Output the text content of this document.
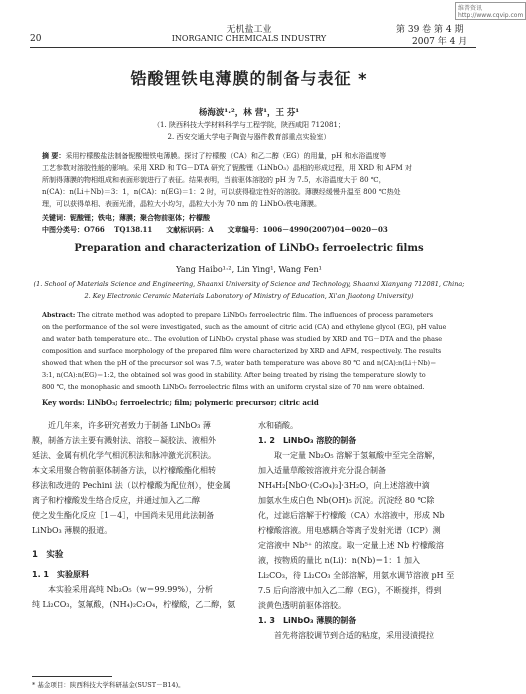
维普资讯 http://www.cqvip.com
20
无机盐工业
INORGANIC CHEMICALS INDUSTRY
第 39 卷 第 4 期
2007 年 4 月
锆酸锂铁电薄膜的制备与表征 *
杨海波¹·²，林 营¹，王 芬¹
（1. 陕西科技大学材料科学与工程学院，陕西咸阳 712081；
2. 西安交通大学电子陶瓷与器件教育部重点实验室）
摘 要：采用柠檬酸盐法制备铌酸锂铁电薄膜。探讨了柠檬酸（CA）和乙二醇（EG）的用量，pH 和水浴温度等
工艺参数对溶胶性能的影响。采用 XRD 和 TG－DTA 研究了铌酸锂（LiNbO₃）晶相的形成过程，用 XRD 和 AFM 对
所制得薄膜的物相组成和表面形貌进行了表征。结果表明，当前驱体溶胶的 pH 为 7.5，水浴温度大于 80 ℃，
n(CA)：n(Li＋Nb)＝3：1，n(CA)：n(EG)＝1：2 时，可以获得稳定性好的溶胶。薄膜经缓慢升温至 800 ℃热处
理，可以获得单相、表面光滑，晶粒大小均匀，晶粒大小为 70 nm 的 LiNbO₃铁电薄膜。
关键词：铌酸锂；铁电；薄膜；聚合物前驱体；柠檬酸
中图分类号：O766　 TQ138.11　　文献标识码：A　　文章编号：1006－4990(2007)04－0020－03
Preparation and characterization of LiNbO₃ ferroelectric films
Yang Haibo¹·², Lin Ying¹, Wang Fen¹
(1. School of Materials Science and Engineering, Shaanxi University of Science and Technology, Shaanxi Xianyang 712081, China;
2. Key Electronic Ceramic Materials Laboratory of Ministry of Education, Xi'an Jiaotong University)
Abstract: The citrate method was adopted to prepare LiNbO₃ ferroelectric film. The influences of process parameters
on the performance of the sol were investigated, such as the amount of citric acid (CA) and ethylene glycol (EG), pH value
and water bath temperature etc.. The evolution of LiNbO₃ crystal phase was studied by XRD and TG－DTA and the phase
composition and surface morphology of the prepared film were characterized by XRD and AFM, respectively. The results
showed that when the pH of the precursor sol was 7.5, water bath temperature was above 80 ℃ and n(CA):n(Li＋Nb)＝
3:1, n(CA):n(EG)＝1:2, the obtained sol was good in stability. After being treated by rising the temperature slowly to
800 ℃, the monophasic and smooth LiNbO₃ ferroelectric films with an uniform crystal size of 70 nm were obtained.
Key words: LiNbO₃; ferroelectric; film; polymeric precursor; citric acid
近几年来，许多研究者致力于制备 LiNbO₃ 薄
膜，制备方法主要有溅射法、溶胶－凝胶法、液相外
延法、金属有机化学气相沉积法和脉冲激光沉积法。
本文采用聚合物前驱体制备方法，以柠檬酸酯化相转
移法和改进的 Pechini 法（以柠檬酸为配位剂），使金属
离子和柠檬酸发生络合反应，并通过加入乙二醇
使之发生酯化反应［1－4］，中国尚未见用此法制备
LiNbO₃ 薄膜的报道。
1　实验
1. 1　实验原料
本实验采用高纯 Nb₂O₅（w＝99.99%），分析
纯 Li₂CO₃，氢氟酸，(NH₄)₂C₂O₄，柠檬酸，乙二醇，氨
* 基金项目：陕西科技大学科研基金(SUST－B14)。
水和硝酸。
1. 2　LiNbO₃ 溶胶的制备
取一定量 Nb₂O₅ 溶解于氢氟酸中至完全溶解，
加入适量草酸铵溶液并充分混合制备
NH₄H₂[NbO·(C₂O₄)₃]·3H₂O，向上述溶液中滴
加氨水生成白色 Nb(OH)₅ 沉淀。沉淀经 80 ℃除
化，过滤后溶解于柠檬酸（CA）水溶液中，形成 Nb
柠檬酸溶液。用电感耦合等离子发射光谱（ICP）测
定溶液中 Nb⁵⁺ 的浓度。取一定量上述 Nb 柠檬酸溶
液，按物质的量比 n(Li)：n(Nb)＝1：1 加入
Li₂CO₃，待 Li₂CO₃ 全部溶解，用氨水调节溶液 pH 至
7.5 后向溶液中加入乙二醇（EG），不断搅拌，得到
淡黄色透明前驱体溶胶。
1. 3　LiNbO₃ 薄膜的制备
首先将溶胶调节到合适的粘度，采用浸渍提拉
